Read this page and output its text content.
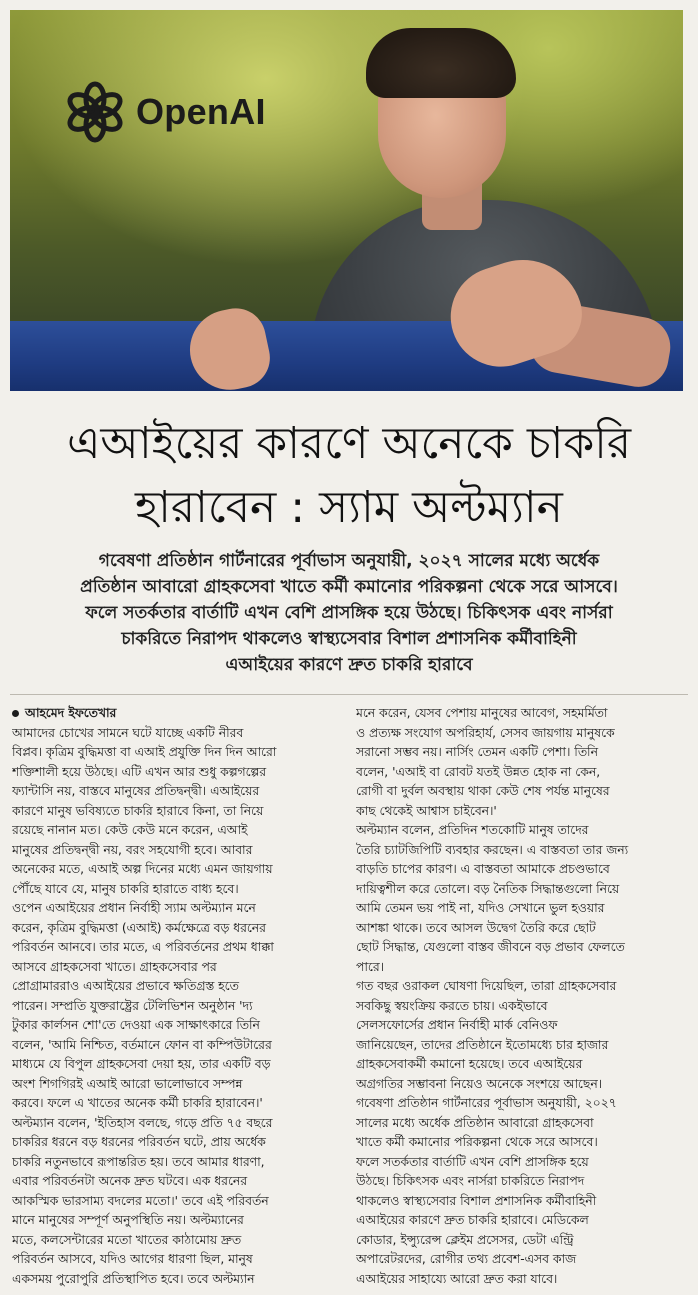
OpenAI
এআইয়ের কারণে অনেকে চাকরি
হারাবেন : স্যাম অল্টম্যান
গবেষণা প্রতিষ্ঠান গার্টনারের পূর্বাভাস অনুযায়ী, ২০২৭ সালের মধ্যে অর্ধেক
প্রতিষ্ঠান আবারো গ্রাহকসেবা খাতে কর্মী কমানোর পরিকল্পনা থেকে সরে আসবে।
ফলে সতর্কতার বার্তাটি এখন বেশি প্রাসঙ্গিক হয়ে উঠছে। চিকিৎসক এবং নার্সরা
চাকরিতে নিরাপদ থাকলেও স্বাস্থ্যসেবার বিশাল প্রশাসনিক কর্মীবাহিনী
এআইয়ের কারণে দ্রুত চাকরি হারাবে
আহমেদ ইফতেখার
আমাদের চোখের সামনে ঘটে যাচ্ছে একটি নীরব
বিপ্লব। কৃত্রিম বুদ্ধিমত্তা বা এআই প্রযুক্তি দিন দিন আরো
শক্তিশালী হয়ে উঠছে। এটি এখন আর শুধু কল্পগল্পের
ফ্যান্টাসি নয়, বাস্তবে মানুষের প্রতিদ্বন্দ্বী। এআইয়ের
কারণে মানুষ ভবিষ্যতে চাকরি হারাবে কিনা, তা নিয়ে
রয়েছে নানান মত। কেউ কেউ মনে করেন, এআই
মানুষের প্রতিদ্বন্দ্বী নয়, বরং সহযোগী হবে। আবার
অনেকের মতে, এআই অল্প দিনের মধ্যে এমন জায়গায়
পৌঁছে যাবে যে, মানুষ চাকরি হারাতে বাধ্য হবে।
ওপেন এআইয়ের প্রধান নির্বাহী স্যাম অল্টম্যান মনে
করেন, কৃত্রিম বুদ্ধিমত্তা (এআই) কর্মক্ষেত্রে বড় ধরনের
পরিবর্তন আনবে। তার মতে, এ পরিবর্তনের প্রথম ধাক্কা
আসবে গ্রাহকসেবা খাতে। গ্রাহকসেবার পর
প্রোগ্রামাররাও এআইয়ের প্রভাবে ক্ষতিগ্রস্ত হতে
পারেন। সম্প্রতি যুক্তরাষ্ট্রের টেলিভিশন অনুষ্ঠান 'দ্য
টুকার কার্লসন শো'তে দেওয়া এক সাক্ষাৎকারে তিনি
বলেন, 'আমি নিশ্চিত, বর্তমানে ফোন বা কম্পিউটারের
মাধ্যমে যে বিপুল গ্রাহকসেবা দেয়া হয়, তার একটি বড়
অংশ শিগগিরই এআই আরো ভালোভাবে সম্পন্ন
করবে। ফলে এ খাতের অনেক কর্মী চাকরি হারাবেন।'
অল্টম্যান বলেন, 'ইতিহাস বলছে, গড়ে প্রতি ৭৫ বছরে
চাকরির ধরনে বড় ধরনের পরিবর্তন ঘটে, প্রায় অর্ধেক
চাকরি নতুনভাবে রূপান্তরিত হয়। তবে আমার ধারণা,
এবার পরিবর্তনটা অনেক দ্রুত ঘটবে। এক ধরনের
আকস্মিক ভারসাম্য বদলের মতো।' তবে এই পরিবর্তন
মানে মানুষের সম্পূর্ণ অনুপস্থিতি নয়। অল্টম্যানের
মতে, কলসেন্টারের মতো খাতের কাঠামোয় দ্রুত
পরিবর্তন আসবে, যদিও আগের ধারণা ছিল, মানুষ
একসময় পুরোপুরি প্রতিস্থাপিত হবে। তবে অল্টম্যান
মনে করেন, যেসব পেশায় মানুষের আবেগ, সহমর্মিতা
ও প্রত্যক্ষ সংযোগ অপরিহার্য, সেসব জায়গায় মানুষকে
সরানো সম্ভব নয়। নার্সিং তেমন একটি পেশা। তিনি
বলেন, 'এআই বা রোবট যতই উন্নত হোক না কেন,
রোগী বা দুর্বল অবস্থায় থাকা কেউ শেষ পর্যন্ত মানুষের
কাছ থেকেই আশ্বাস চাইবেন।'
অল্টম্যান বলেন, প্রতিদিন শতকোটি মানুষ তাদের
তৈরি চ্যাটজিপিটি ব্যবহার করছেন। এ বাস্তবতা তার জন্য
বাড়তি চাপের কারণ। এ বাস্তবতা আমাকে প্রচণ্ডভাবে
দায়িত্বশীল করে তোলে। বড় নৈতিক সিদ্ধান্তগুলো নিয়ে
আমি তেমন ভয় পাই না, যদিও সেখানে ভুল হওয়ার
আশঙ্কা থাকে। তবে আসল উদ্বেগ তৈরি করে ছোট
ছোট সিদ্ধান্ত, যেগুলো বাস্তব জীবনে বড় প্রভাব ফেলতে
পারে।
গত বছর ওরাকল ঘোষণা দিয়েছিল, তারা গ্রাহকসেবার
সবকিছু স্বয়ংক্রিয় করতে চায়। একইভাবে
সেলসফোর্সের প্রধান নির্বাহী মার্ক বেনিওফ
জানিয়েছেন, তাদের প্রতিষ্ঠানে ইতোমধ্যে চার হাজার
গ্রাহকসেবাকর্মী কমানো হয়েছে। তবে এআইয়ের
অগ্রগতির সম্ভাবনা নিয়েও অনেকে সংশয়ে আছেন।
গবেষণা প্রতিষ্ঠান গার্টনারের পূর্বাভাস অনুযায়ী, ২০২৭
সালের মধ্যে অর্ধেক প্রতিষ্ঠান আবারো গ্রাহকসেবা
খাতে কর্মী কমানোর পরিকল্পনা থেকে সরে আসবে।
ফলে সতর্কতার বার্তাটি এখন বেশি প্রাসঙ্গিক হয়ে
উঠছে। চিকিৎসক এবং নার্সরা চাকরিতে নিরাপদ
থাকলেও স্বাস্থ্যসেবার বিশাল প্রশাসনিক কর্মীবাহিনী
এআইয়ের কারণে দ্রুত চাকরি হারাবে। মেডিকেল
কোডার, ইন্স্যুরেন্স ক্লেইম প্রসেসর, ডেটা এন্ট্রি
অপারেটরদের, রোগীর তথ্য প্রবেশ-এসব কাজ
এআইয়ের সাহায্যে আরো দ্রুত করা যাবে।
